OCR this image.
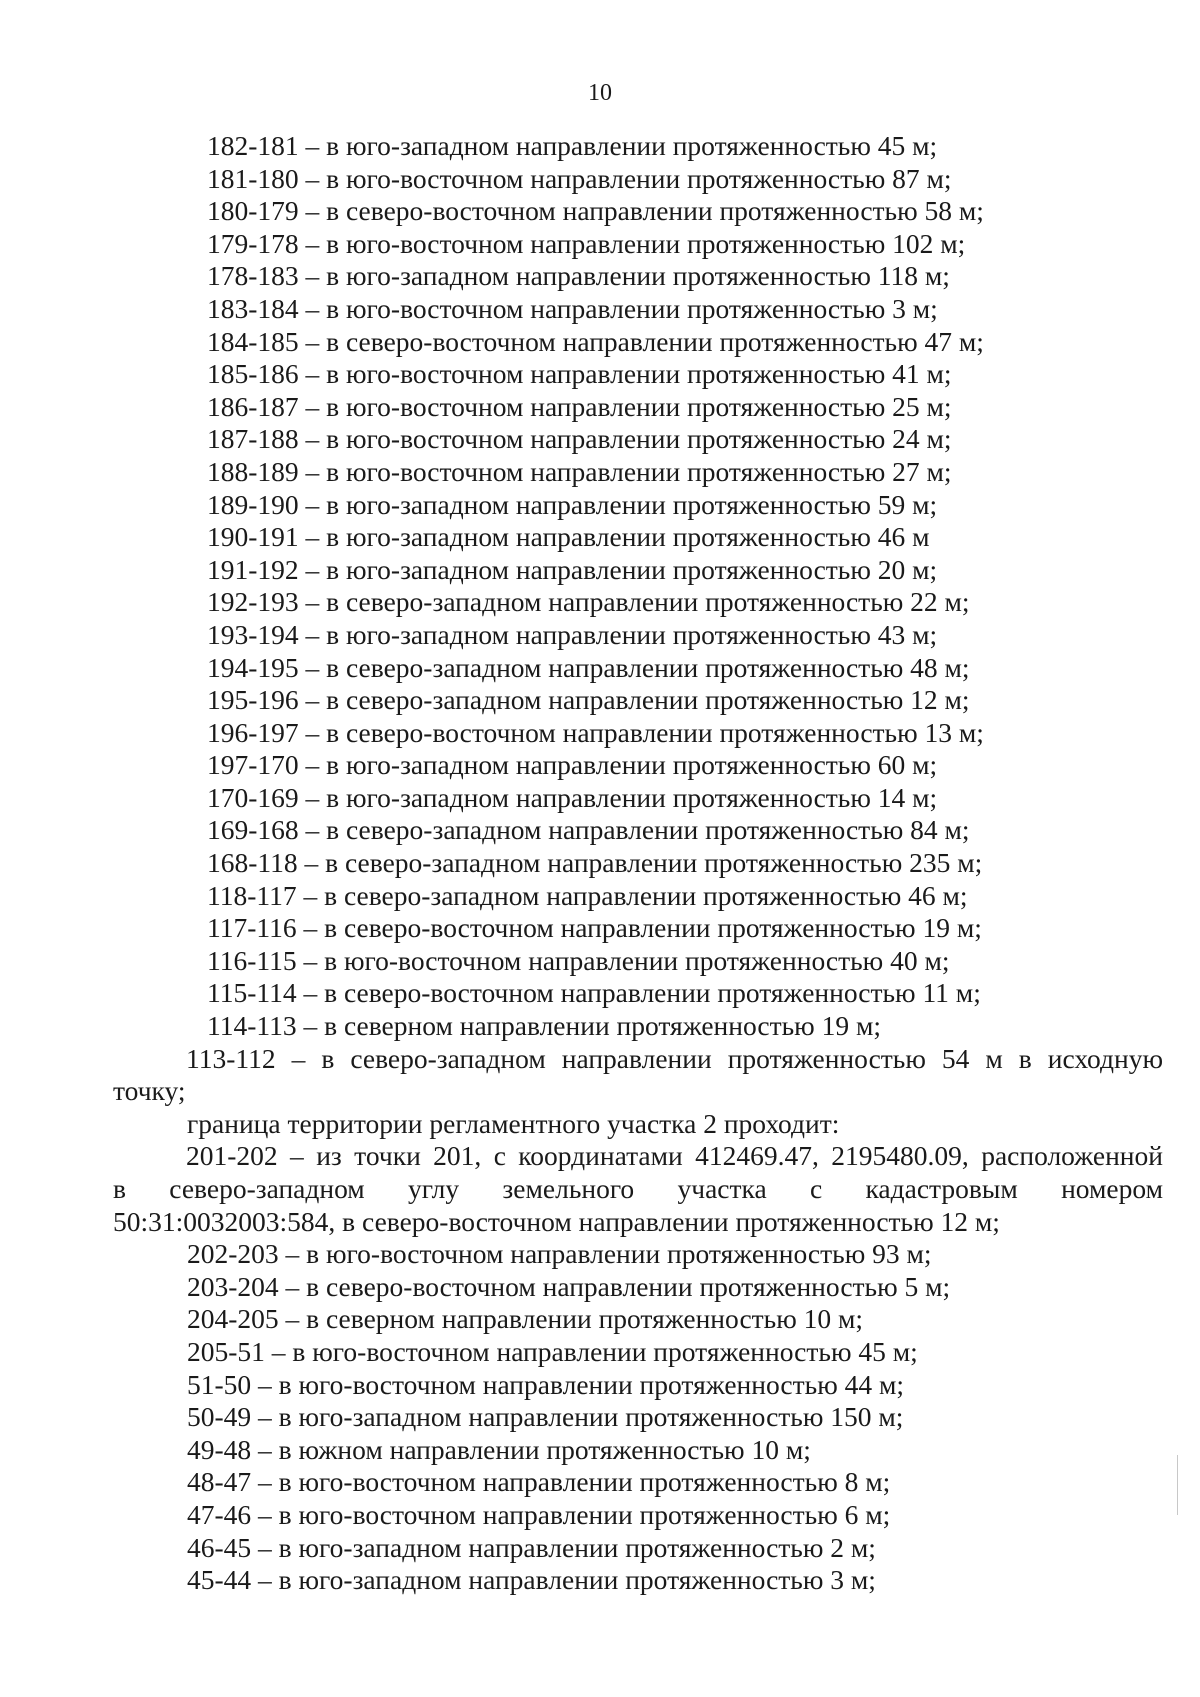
10
182-181 – в юго-западном направлении протяженностью 45 м;
181-180 – в юго-восточном направлении протяженностью 87 м;
180-179 – в северо-восточном направлении протяженностью 58 м;
179-178 – в юго-восточном направлении протяженностью 102 м;
178-183 – в юго-западном направлении протяженностью 118 м;
183-184 – в юго-восточном направлении протяженностью 3 м;
184-185 – в северо-восточном направлении протяженностью 47 м;
185-186 – в юго-восточном направлении протяженностью 41 м;
186-187 – в юго-восточном направлении протяженностью 25 м;
187-188 – в юго-восточном направлении протяженностью 24 м;
188-189 – в юго-восточном направлении протяженностью 27 м;
189-190 – в юго-западном направлении протяженностью 59 м;
190-191 – в юго-западном направлении протяженностью 46 м
191-192 – в юго-западном направлении протяженностью 20 м;
192-193 – в северо-западном направлении протяженностью 22 м;
193-194 – в юго-западном направлении протяженностью 43 м;
194-195 – в северо-западном направлении протяженностью 48 м;
195-196 – в северо-западном направлении протяженностью 12 м;
196-197 – в северо-восточном направлении протяженностью 13 м;
197-170 – в юго-западном направлении протяженностью 60 м;
170-169 – в юго-западном направлении протяженностью 14 м;
169-168 – в северо-западном направлении протяженностью 84 м;
168-118 – в северо-западном направлении протяженностью 235 м;
118-117 – в северо-западном направлении протяженностью 46 м;
117-116 – в северо-восточном направлении протяженностью 19 м;
116-115 – в юго-восточном направлении протяженностью 40 м;
115-114 – в северо-восточном направлении протяженностью 11 м;
114-113 – в северном направлении протяженностью 19 м;
113-112 – в северо-западном направлении протяженностью 54 м в исходную
точку;
граница территории регламентного участка 2 проходит:
201-202 – из точки 201, с координатами 412469.47, 2195480.09, расположенной
в северо-западном углу земельного участка с кадастровым номером
50:31:0032003:584, в северо-восточном направлении протяженностью 12 м;
202-203 – в юго-восточном направлении протяженностью 93 м;
203-204 – в северо-восточном направлении протяженностью 5 м;
204-205 – в северном направлении протяженностью 10 м;
205-51 – в юго-восточном направлении протяженностью 45 м;
51-50 – в юго-восточном направлении протяженностью 44 м;
50-49 – в юго-западном направлении протяженностью 150 м;
49-48 – в южном направлении протяженностью 10 м;
48-47 – в юго-восточном направлении протяженностью 8 м;
47-46 – в юго-восточном направлении протяженностью 6 м;
46-45 – в юго-западном направлении протяженностью 2 м;
45-44 – в юго-западном направлении протяженностью 3 м;
